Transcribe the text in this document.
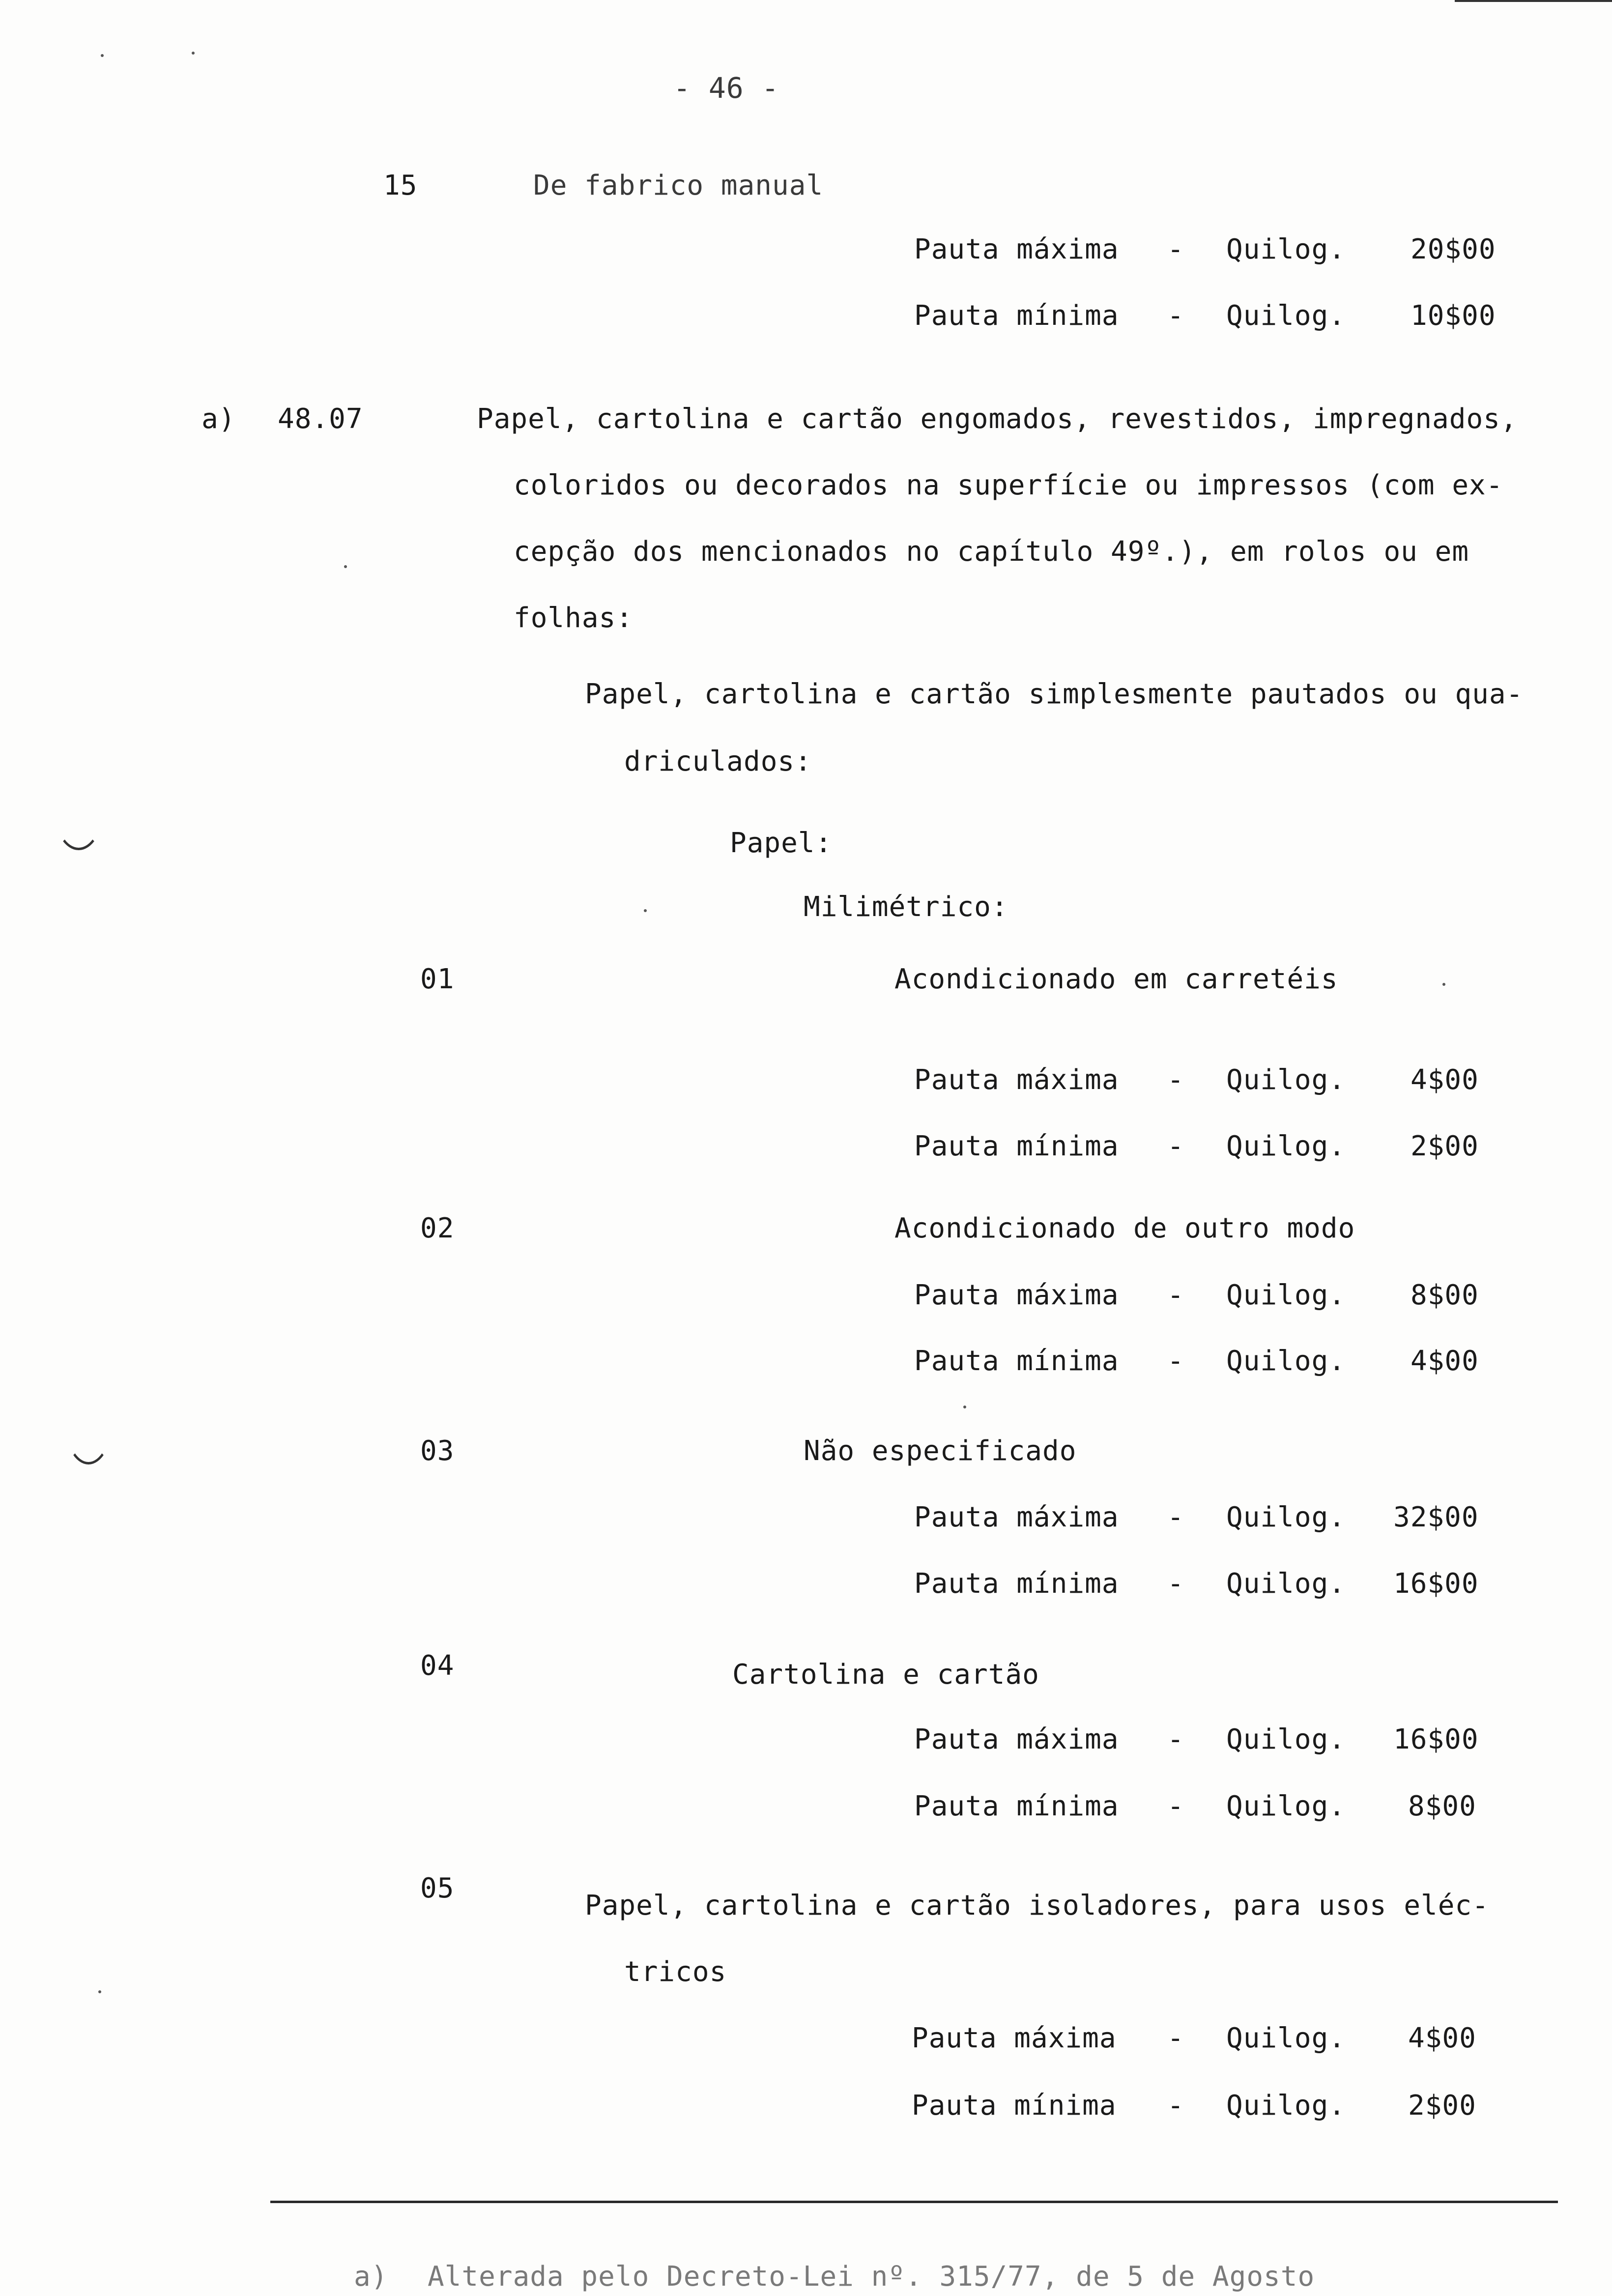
- 46 -
15	De fabrico manual
Pauta máxima - Quilog. 20$00
Pauta mínima - Quilog. 10$00
a) 48.07	Papel, cartolina e cartão engomados, revestidos, impregnados,
coloridos ou decorados na superfície ou impressos (com ex-
cepção dos mencionados no capítulo 49º.), em rolos ou em
folhas:
Papel, cartolina e cartão simplesmente pautados ou qua-
driculados:
Papel:
Milimétrico:
01	Acondicionado em carretéis
Pauta máxima - Quilog. 4$00
Pauta mínima - Quilog. 2$00
02	Acondicionado de outro modo
Pauta máxima - Quilog. 8$00
Pauta mínima - Quilog. 4$00
03	Não especificado
Pauta máxima - Quilog. 32$00
Pauta mínima - Quilog. 16$00
04	Cartolina e cartão
Pauta máxima - Quilog. 16$00
Pauta mínima - Quilog. 8$00
05
Papel, cartolina e cartão isoladores, para usos eléc-
tricos
Pauta máxima - Quilog. 4$00
Pauta mínima - Quilog. 2$00
a) Alterada pelo Decreto-Lei nº. 315/77, de 5 de Agosto
